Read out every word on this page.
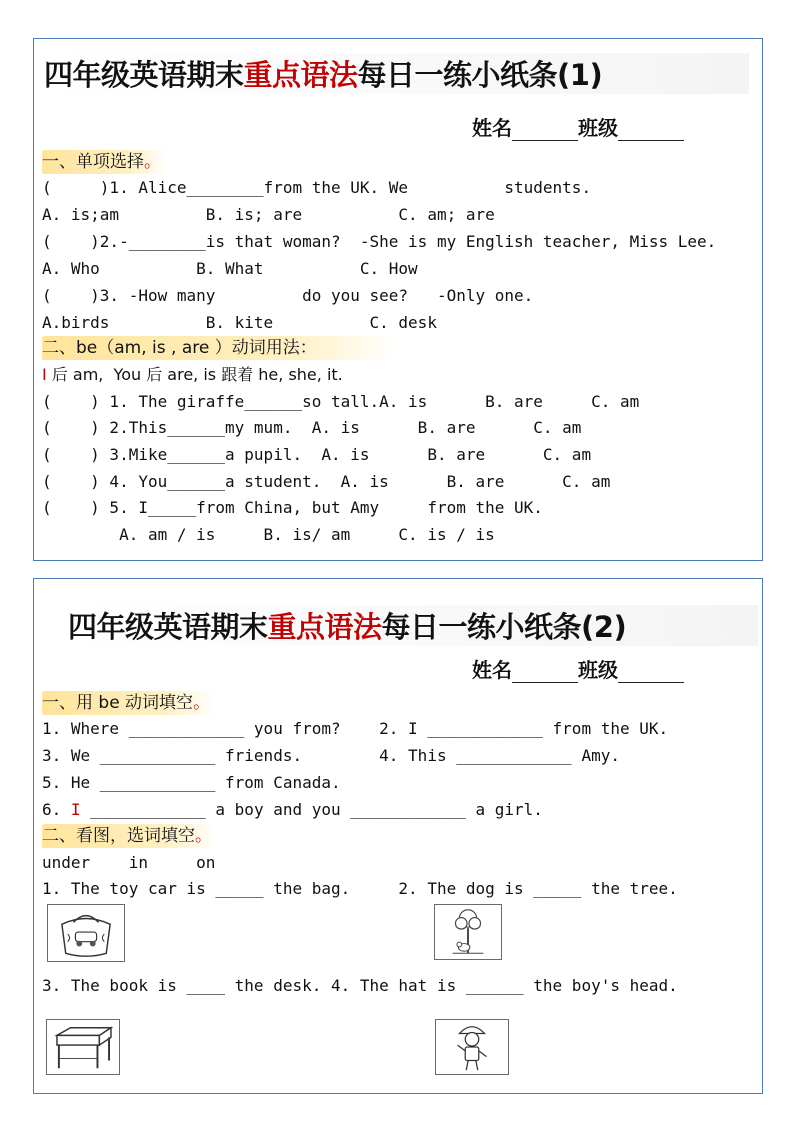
四年级英语期末重点语法每日一练小纸条(1)
姓名	班级
一、单项选择。
(     )1. Alice________from the UK. We          students.
A. is;am         B. is; are          C. am; are
(    )2.-________is that woman?  -She is my English teacher, Miss Lee.
A. Who          B. What          C. How
(    )3. -How many         do you see?   -Only one.
A.birds          B. kite          C. desk
二、be（am, is , are ）动词用法：
I 后 am,  You 后 are, is 跟着 he, she, it.
(    ) 1. The giraffe______so tall.A. is      B. are     C. am
(    ) 2.This______my mum.  A. is      B. are      C. am
(    ) 3.Mike______a pupil.  A. is      B. are      C. am
(    ) 4. You______a student.  A. is      B. are      C. am
(    ) 5. I_____from China, but Amy     from the UK.
A. am / is     B. is/ am     C. is / is
四年级英语期末重点语法每日一练小纸条(2)
姓名	班级
一、用 be 动词填空。
1. Where ____________ you from?    2. I ____________ from the UK.
3. We ____________ friends.        4. This ____________ Amy.
5. He ____________ from Canada.
6. I ____________ a boy and you ____________ a girl.
二、看图，选词填空。
under    in     on
1. The toy car is _____ the bag.     2. The dog is _____ the tree.
3. The book is ____ the desk. 4. The hat is ______ the boy's head.
